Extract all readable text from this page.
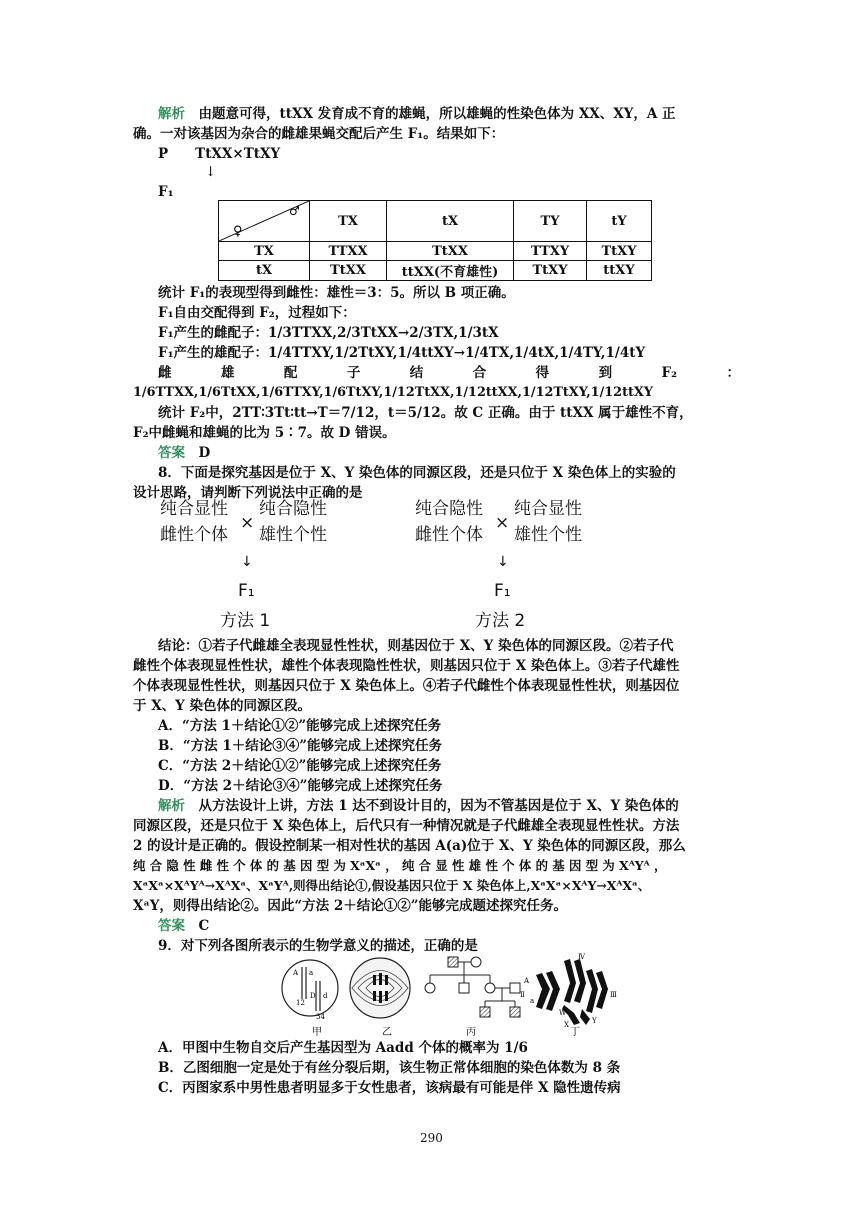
解析　 由题意可得，ttXX 发育成不育的雄蝇，所以雄蝇的性染色体为 XX、XY，A 正
确。一对该基因为杂合的雌雄果蝇交配后产生 F₁。结果如下：
P　　TtXX×TtXY
↓
F₁
♀
♂	TX	tX	TY	tY
TX	TTXX	TtXX	TTXY	TtXY
tX	TtXX	ttXX(不育雄性)	TtXY	ttXY
统计 F₁的表现型得到雌性：雄性＝3：5。所以 B 项正确。
F₁自由交配得到 F₂，过程如下：
F₁产生的雌配子：1/3TTXX,2/3TtXX→2/3TX,1/3tX
F₁产生的雄配子：1/4TTXY,1/2TtXY,1/4ttXY→1/4TX,1/4tX,1/4TY,1/4tY
雌	雄	配	子	结	合	得	到	F₂	：
1/6TTXX,1/6TtXX,1/6TTXY,1/6TtXY,1/12TtXX,1/12ttXX,1/12TtXY,1/12ttXY
统计 F₂中，2TT∶3Tt∶tt→T＝7/12，t＝5/12。故 C 正确。由于 ttXX 属于雄性不育，
F₂中雌蝇和雄蝇的比为 5∶7。故 D 错误。
答案　 D
8．下面是探究基因是位于 X、Y 染色体的同源区段，还是只位于 X 染色体上的实验的
设计思路，请判断下列说法中正确的是
纯合显性
雌性个体
×
纯合隐性
雄性个性
↓
F₁
方法 1
纯合隐性
雌性个体
×
纯合显性
雄性个性
↓
F₁
方法 2
结论：①若子代雌雄全表现显性性状，则基因位于 X、Y 染色体的同源区段。②若子代
雌性个体表现显性性状，雄性个体表现隐性性状，则基因只位于 X 染色体上。③若子代雄性
个体表现显性性状，则基因只位于 X 染色体上。④若子代雌性个体表现显性性状，则基因位
于 X、Y 染色体的同源区段。
A．“方法 1＋结论①②”能够完成上述探究任务
B．“方法 1＋结论③④”能够完成上述探究任务
C．“方法 2＋结论①②”能够完成上述探究任务
D．“方法 2＋结论③④”能够完成上述探究任务
解析　 从方法设计上讲，方法 1 达不到设计目的，因为不管基因是位于 X、Y 染色体的
同源区段，还是只位于 X 染色体上，后代只有一种情况就是子代雌雄全表现显性性状。方法
2 的设计是正确的。假设控制某一相对性状的基因 A(a)位于 X、Y 染色体的同源区段，那么
纯 合 隐 性 雌 性 个 体 的 基 因 型 为 XᵃXᵃ ， 纯 合 显 性 雄 性 个 体 的 基 因 型 为 XᴬYᴬ ，
XᵃXᵃ×XᴬYᴬ→XᴬXᵃ、XᵃYᴬ,则得出结论①,假设基因只位于 X 染色体上,XᵃXᵃ×XᴬY→XᴬXᵃ、
XᵃY，则得出结论②。因此“方法 2＋结论①②”能够完成题述探究任务。
答案　 C
9．对下列各图所表示的生物学意义的描述，正确的是
A a
12
D d
34
Ⅳ
A
Ⅱ
a
Ⅲ
W
X	Y
甲	乙	丙	丁
A．甲图中生物自交后产生基因型为 Aadd 个体的概率为 1/6
B．乙图细胞一定是处于有丝分裂后期，该生物正常体细胞的染色体数为 8 条
C．丙图家系中男性患者明显多于女性患者，该病最有可能是伴 X 隐性遗传病
290
